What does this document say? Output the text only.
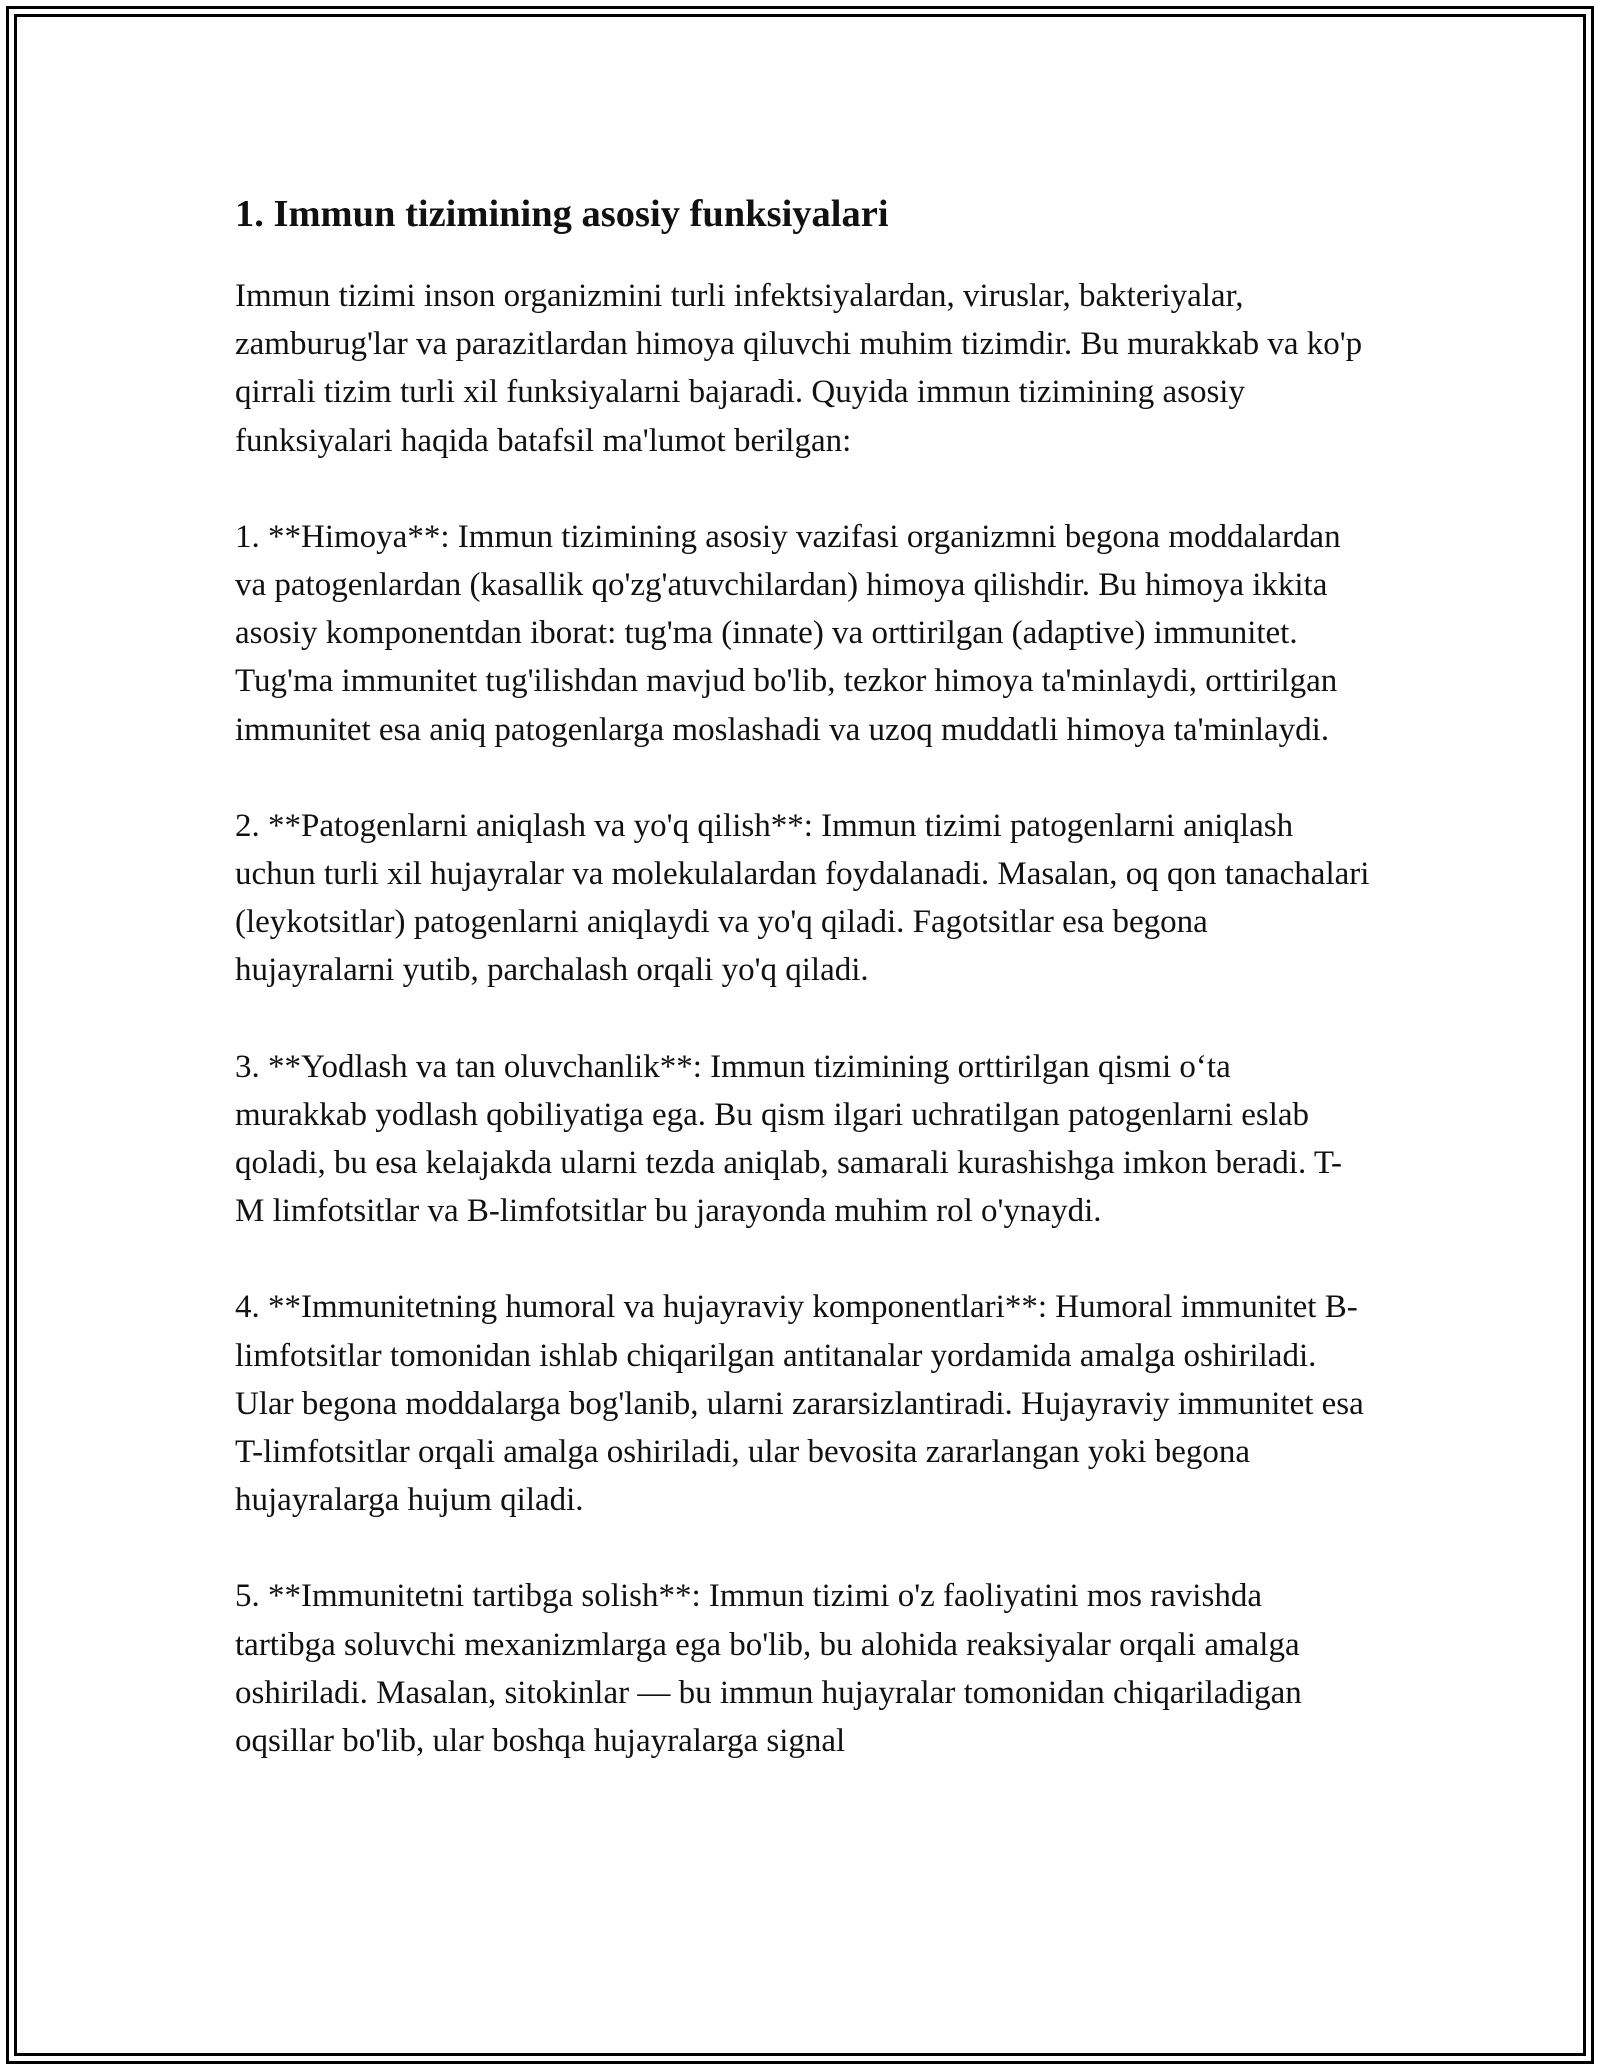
1. Immun tizimining asosiy funksiyalari

Immun tizimi inson organizmini turli infektsiyalardan, viruslar, bakteriyalar, zamburug'lar va parazitlardan himoya qiluvchi muhim tizimdir. Bu murakkab va ko'p qirrali tizim turli xil funksiyalarni bajaradi. Quyida immun tizimining asosiy funksiyalari haqida batafsil ma'lumot berilgan:

1. **Himoya**: Immun tizimining asosiy vazifasi organizmni begona moddalardan va patogenlardan (kasallik qo'zg'atuvchilardan) himoya qilishdir. Bu himoya ikkita asosiy komponentdan iborat: tug'ma (innate) va orttirilgan (adaptive) immunitet. Tug'ma immunitet tug'ilishdan mavjud bo'lib, tezkor himoya ta'minlaydi, orttirilgan immunitet esa aniq patogenlarga moslashadi va uzoq muddatli himoya ta'minlaydi.

2. **Patogenlarni aniqlash va yo'q qilish**: Immun tizimi patogenlarni aniqlash uchun turli xil hujayralar va molekulalardan foydalanadi. Masalan, oq qon tanachalari (leykotsitlar) patogenlarni aniqlaydi va yo'q qiladi. Fagotsitlar esa begona hujayralarni yutib, parchalash orqali yo'q qiladi.

3. **Yodlash va tan oluvchanlik**: Immun tizimining orttirilgan qismi o‘ta murakkab yodlash qobiliyatiga ega. Bu qism ilgari uchratilgan patogenlarni eslab qoladi, bu esa kelajakda ularni tezda aniqlab, samarali kurashishga imkon beradi. T-M limfotsitlar va B-limfotsitlar bu jarayonda muhim rol o'ynaydi.

4. **Immunitetning humoral va hujayraviy komponentlari**: Humoral immunitet B-limfotsitlar tomonidan ishlab chiqarilgan antitanalar yordamida amalga oshiriladi. Ular begona moddalarga bog'lanib, ularni zararsizlantiradi. Hujayraviy immunitet esa T-limfotsitlar orqali amalga oshiriladi, ular bevosita zararlangan yoki begona hujayralarga hujum qiladi.

5. **Immunitetni tartibga solish**: Immun tizimi o'z faoliyatini mos ravishda tartibga soluvchi mexanizmlarga ega bo'lib, bu alohida reaksiyalar orqali amalga oshiriladi. Masalan, sitokinlar — bu immun hujayralar tomonidan chiqariladigan oqsillar bo'lib, ular boshqa hujayralarga signal
